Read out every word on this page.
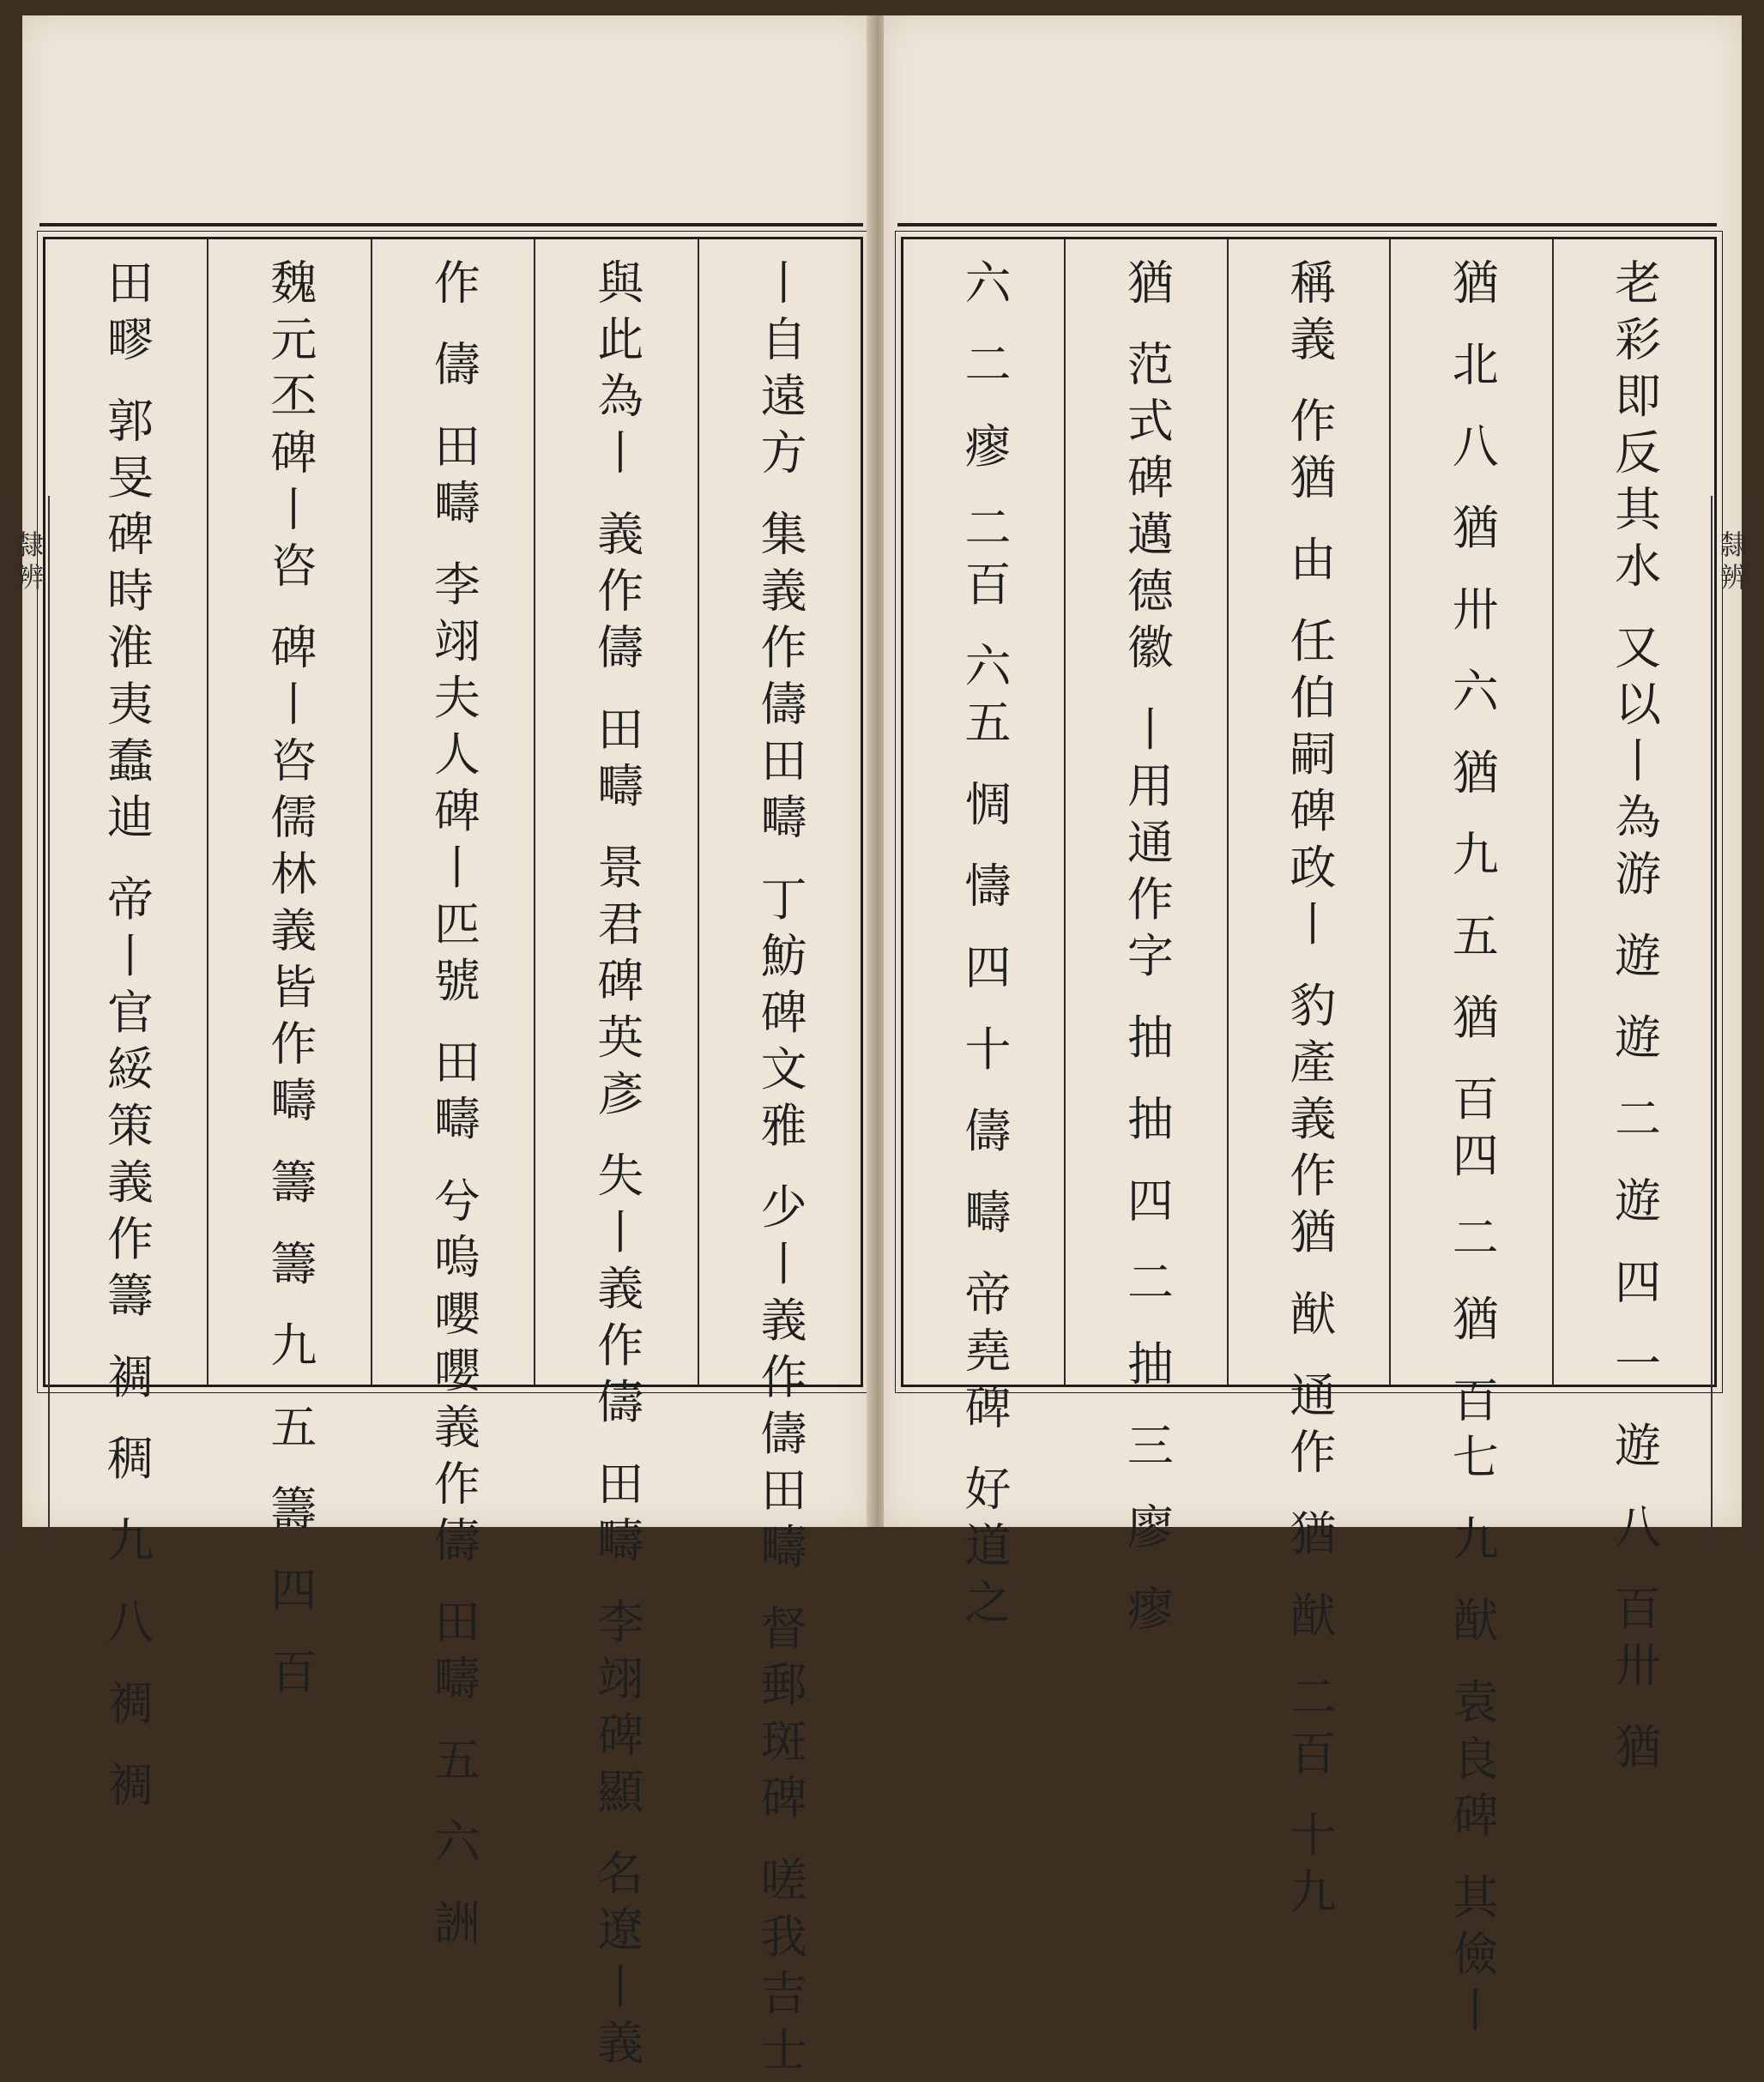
丨自遠方 集義作儔田疇 丁魴碑文雅 少丨義作儔田疇 督郵斑碑 嗟我吉士
與此為丨 義作儔 田疇 景君碑英彥 失丨義作儔 田疇 李翊碑顯 名遼丨義
作 儔 田疇 李翊夫人碑丨匹號 田疇 兮嗚嚶嚶義作儔 田疇 五 六 詶
魏元丕碑丨咨 碑丨咨儒林義皆作疇 籌 籌 九 五 籌 四 百
田疁 郭旻碑時淮夷蠢迪 帝丨官綏策義作籌 裯 稠 九 八 裯 裯
隸辨	老彩即反其水 又以丨為游 遊 遊 二 遊 四 一 遊 八 百卅 猶
猶 北 八 猶 卅 六 猶 九 五 猶 百四 二 猶 百七 九 猷 袁良碑 其儉丨
稱義 作猶 由 任伯嗣碑政丨 豹產義作猶 猷 通作 猶 猷 二百 十九
猶 范式碑邁德徽 丨用通作字 抽 抽 四 二 抽 三 廖 瘳
六 二 瘳 二百 六五 惆 懤 四 十 儔 疇 帝堯碑 好道之	隸辨
